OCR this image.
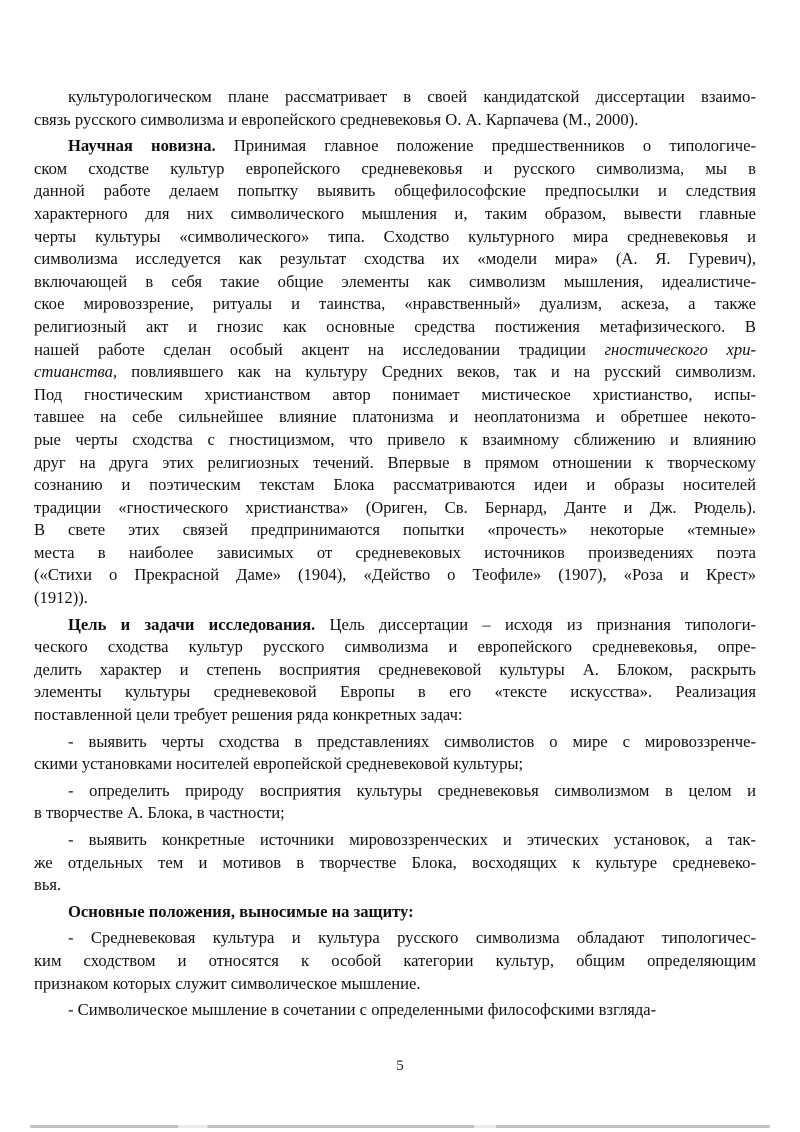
культурологическом плане рассматривает в своей кандидатской диссертации взаимо-
связь русского символизма и европейского средневековья О. А. Карпачева (М., 2000).
Научная новизна. Принимая главное положение предшественников о типологиче-
ском сходстве культур европейского средневековья и русского символизма, мы в
данной работе делаем попытку выявить общефилософские предпосылки и следствия
характерного для них символического мышления и, таким образом, вывести главные
черты культуры «символического» типа. Сходство культурного мира средневековья и
символизма исследуется как результат сходства их «модели мира» (А. Я. Гуревич),
включающей в себя такие общие элементы как символизм мышления, идеалистиче-
ское мировоззрение, ритуалы и таинства, «нравственный» дуализм, аскеза, а также
религиозный акт и гнозис как основные средства постижения метафизического. В
нашей работе сделан особый акцент на исследовании традиции гностического хри-
стианства, повлиявшего как на культуру Средних веков, так и на русский символизм.
Под гностическим христианством автор понимает мистическое христианство, испы-
тавшее на себе сильнейшее влияние платонизма и неоплатонизма и обретшее некото-
рые черты сходства с гностицизмом, что привело к взаимному сближению и влиянию
друг на друга этих религиозных течений. Впервые в прямом отношении к творческому
сознанию и поэтическим текстам Блока рассматриваются идеи и образы носителей
традиции «гностического христианства» (Ориген, Св. Бернард, Данте и Дж. Рюдель).
В свете этих связей предпринимаются попытки «прочесть» некоторые «темные»
места в наиболее зависимых от средневековых источников произведениях поэта
(«Стихи о Прекрасной Даме» (1904), «Действо о Теофиле» (1907), «Роза и Крест»
(1912)).
Цель и задачи исследования. Цель диссертации – исходя из признания типологи-
ческого сходства культур русского символизма и европейского средневековья, опре-
делить характер и степень восприятия средневековой культуры А. Блоком, раскрыть
элементы культуры средневековой Европы в его «тексте искусства». Реализация
поставленной цели требует решения ряда конкретных задач:
- выявить черты сходства в представлениях символистов о мире с мировоззренче-
скими установками носителей европейской средневековой культуры;
- определить природу восприятия культуры средневековья символизмом в целом и
в творчестве А. Блока, в частности;
- выявить конкретные источники мировоззренческих и этических установок, а так-
же отдельных тем и мотивов в творчестве Блока, восходящих к культуре средневеко-
вья.
Основные положения, выносимые на защиту:
- Средневековая культура и культура русского символизма обладают типологичес-
ким сходством и относятся к особой категории культур, общим определяющим
признаком которых служит символическое мышление.
- Символическое мышление в сочетании с определенными философскими взгляда-
5
